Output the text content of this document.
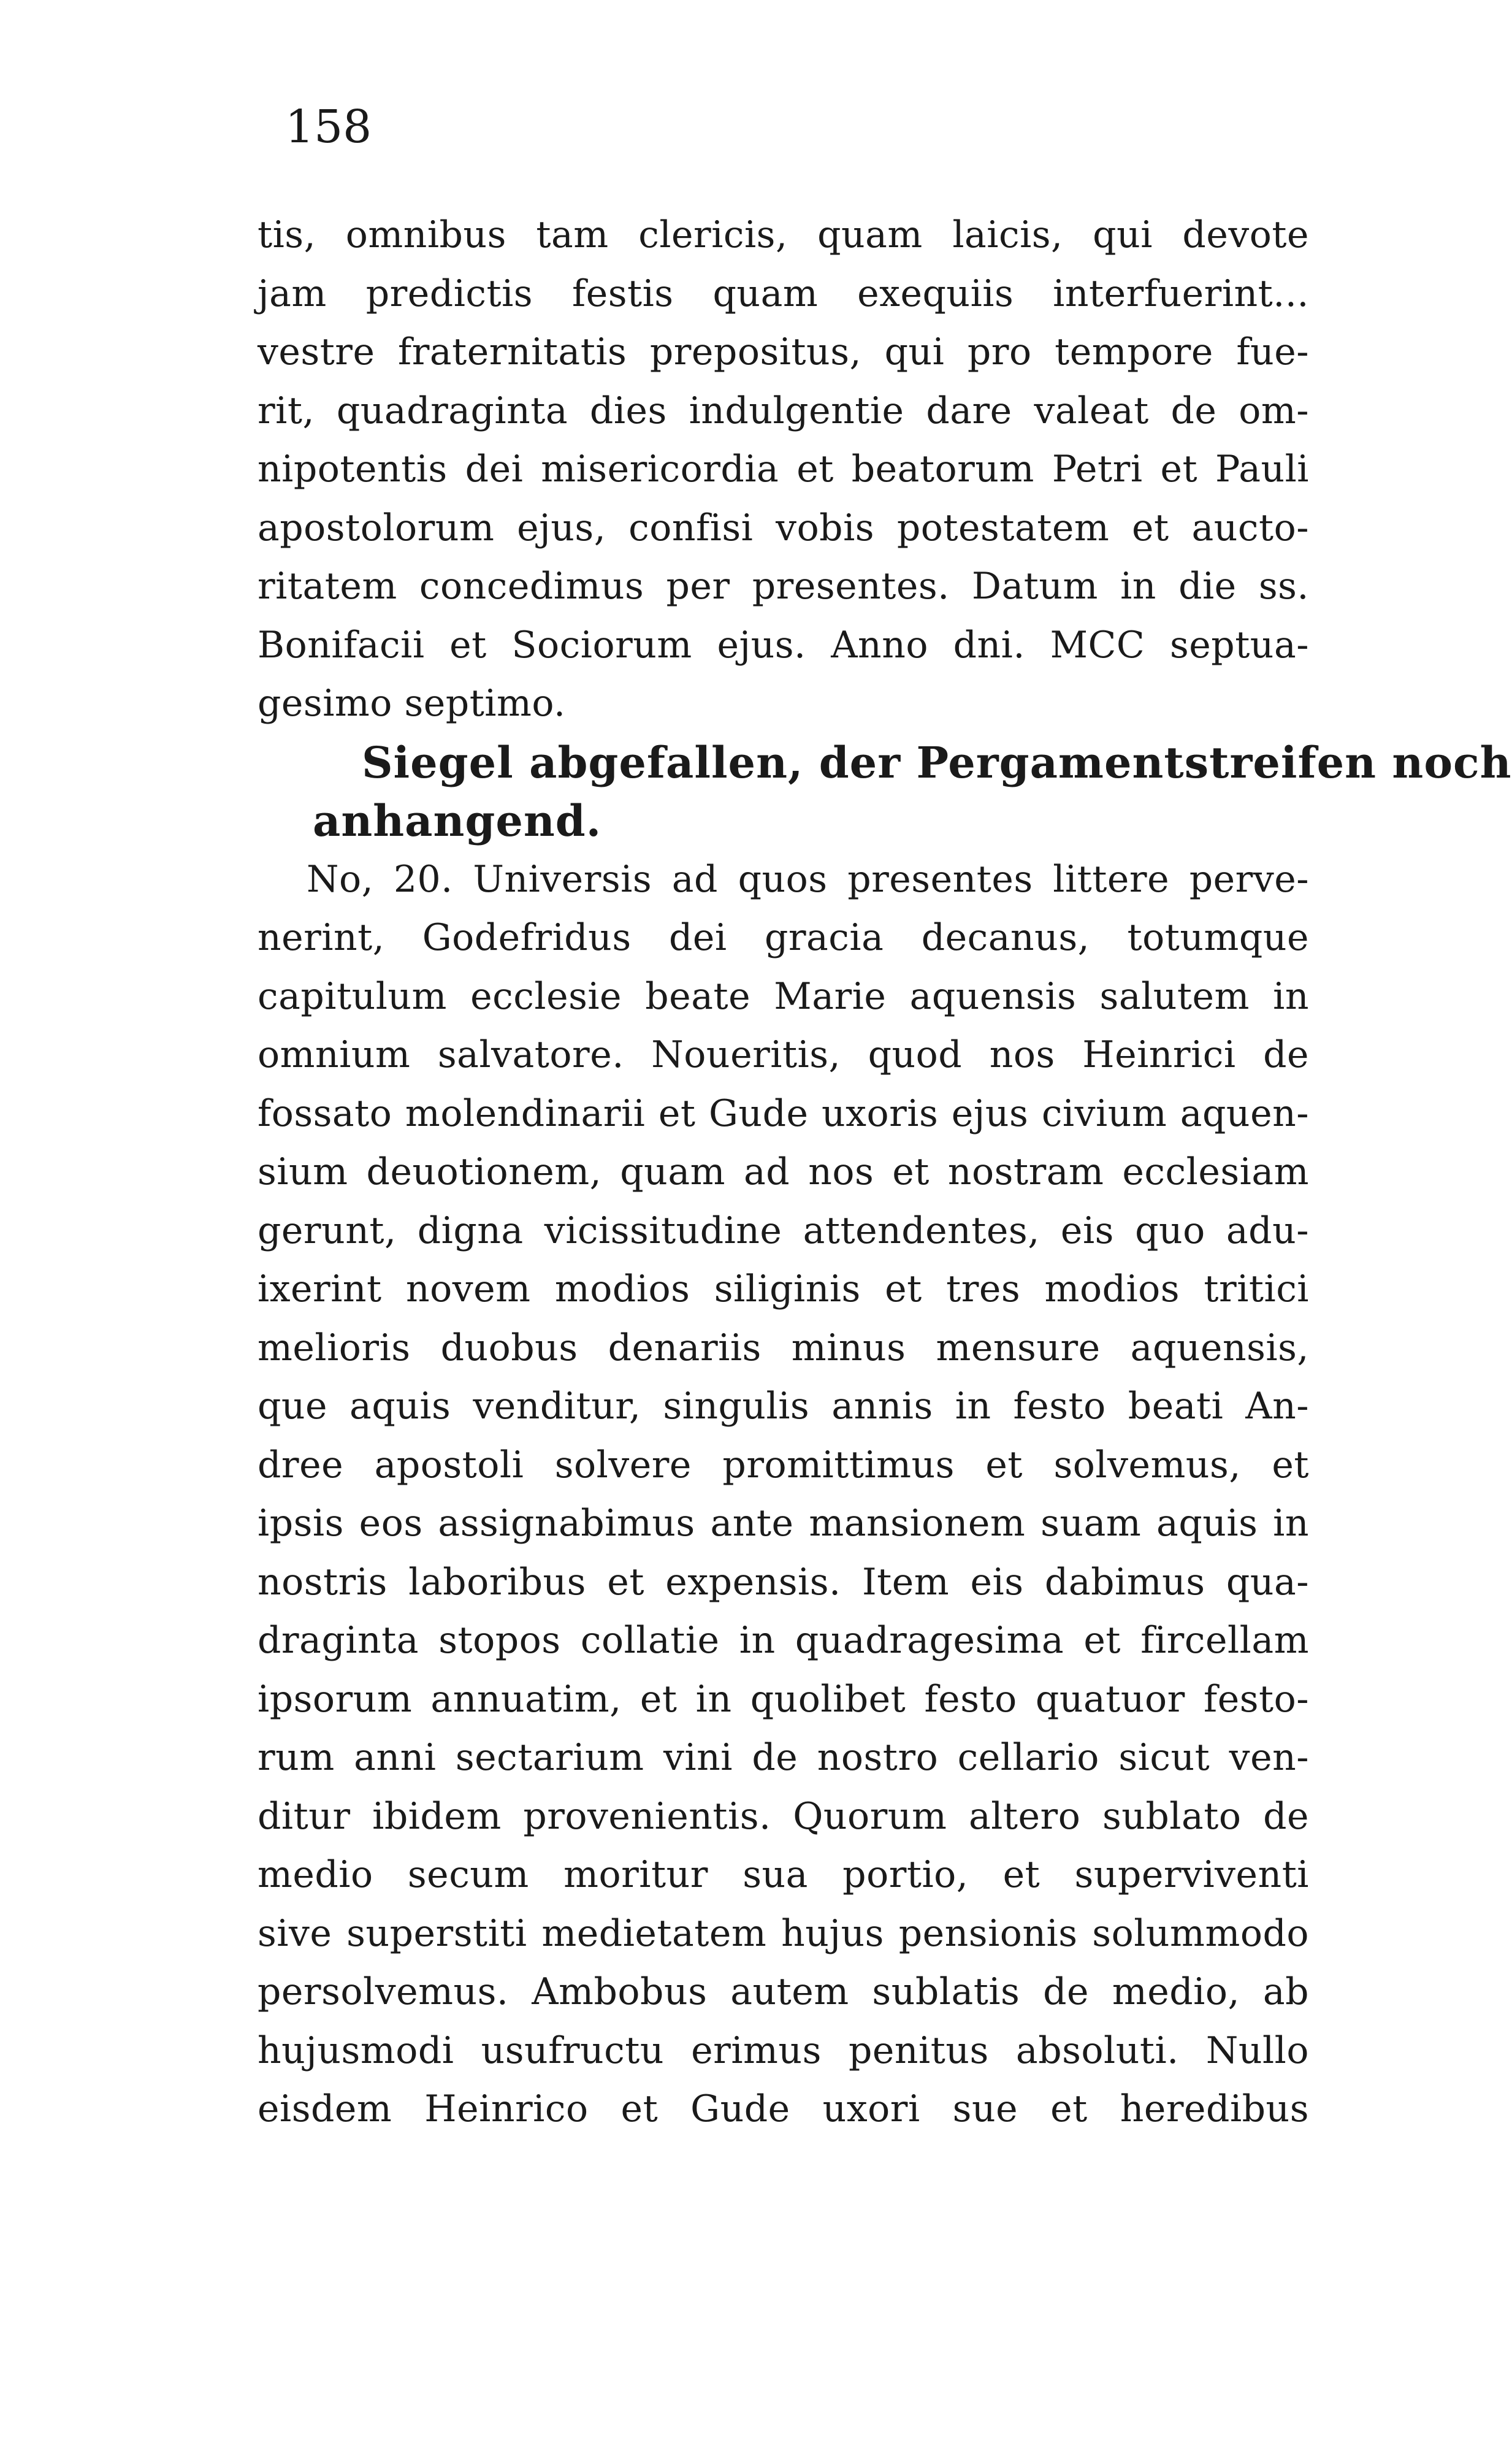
158
tis, omnibus tam clericis, quam laicis, qui devote
jam predictis festis quam exequiis interfuerint...
vestre fraternitatis prepositus, qui pro tempore fue-
rit, quadraginta dies indulgentie dare valeat de om-
nipotentis dei misericordia et beatorum Petri et Pauli
apostolorum ejus, confisi vobis potestatem et aucto-
ritatem concedimus per presentes. Datum in die ss.
Bonifacii et Sociorum ejus. Anno dni. MCC septua-
gesimo septimo.
Siegel abgefallen, der Pergamentstreifen noch
anhangend.
No, 20. Universis ad quos presentes littere perve-
nerint, Godefridus dei gracia decanus, totumque
capitulum ecclesie beate Marie aquensis salutem in
omnium salvatore. Noueritis, quod nos Heinrici de
fossato molendinarii et Gude uxoris ejus civium aquen-
sium deuotionem, quam ad nos et nostram ecclesiam
gerunt, digna vicissitudine attendentes, eis quo adu-
ixerint novem modios siliginis et tres modios tritici
melioris duobus denariis minus mensure aquensis,
que aquis venditur, singulis annis in festo beati An-
dree apostoli solvere promittimus et solvemus, et
ipsis eos assignabimus ante mansionem suam aquis in
nostris laboribus et expensis. Item eis dabimus qua-
draginta stopos collatie in quadragesima et fircellam
ipsorum annuatim, et in quolibet festo quatuor festo-
rum anni sectarium vini de nostro cellario sicut ven-
ditur ibidem provenientis. Quorum altero sublato de
medio secum moritur sua portio, et superviventi
sive superstiti medietatem hujus pensionis solummodo
persolvemus. Ambobus autem sublatis de medio, ab
hujusmodi usufructu erimus penitus absoluti. Nullo
eisdem Heinrico et Gude uxori sue et heredibus
